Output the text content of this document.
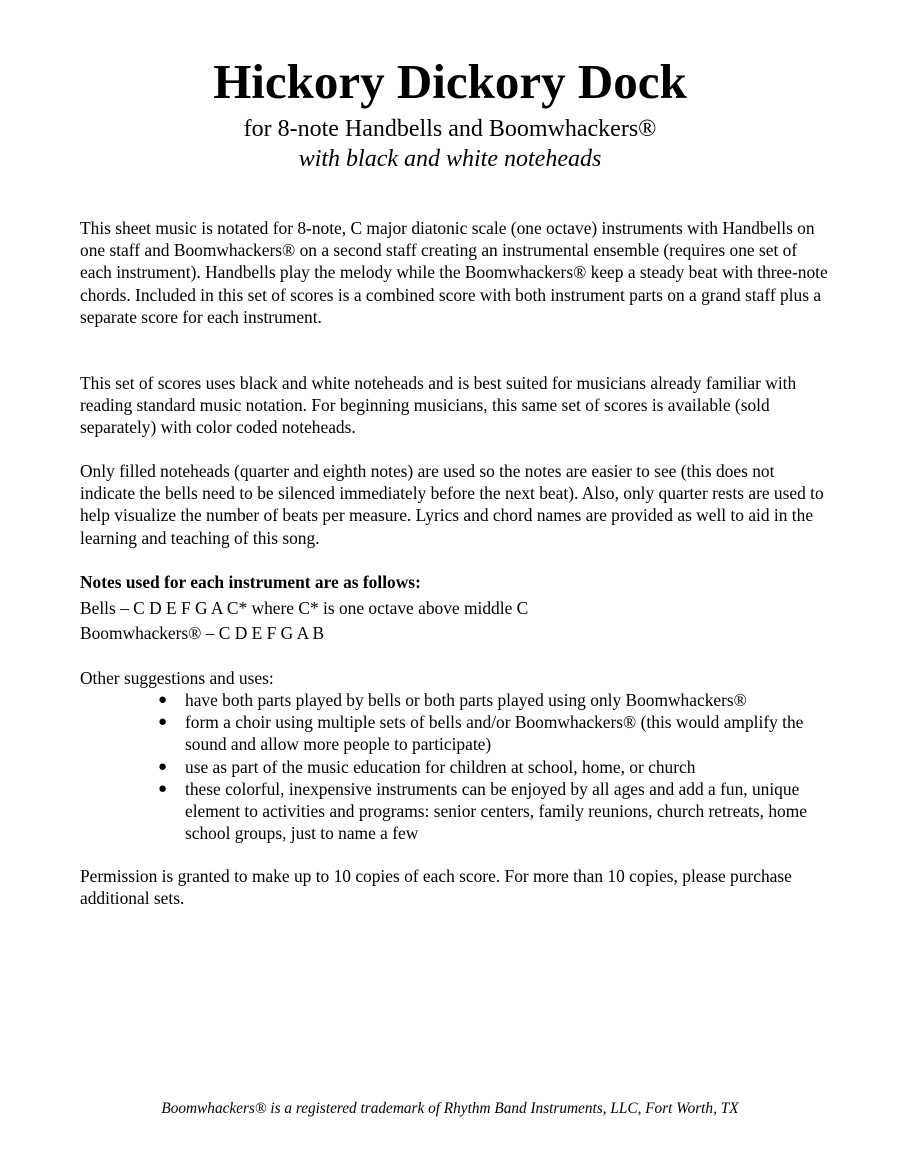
Hickory Dickory Dock
for 8-note Handbells and Boomwhackers®
with black and white noteheads

This sheet music is notated for 8-note, C major diatonic scale (one octave) instruments with Handbells on one staff and Boomwhackers® on a second staff creating an instrumental ensemble (requires one set of each instrument). Handbells play the melody while the Boomwhackers® keep a steady beat with three-note chords. Included in this set of scores is a combined score with both instrument parts on a grand staff plus a separate score for each instrument.

This set of scores uses black and white noteheads and is best suited for musicians already familiar with reading standard music notation. For beginning musicians, this same set of scores is available (sold separately) with color coded noteheads.

Only filled noteheads (quarter and eighth notes) are used so the notes are easier to see (this does not indicate the bells need to be silenced immediately before the next beat). Also, only quarter rests are used to help visualize the number of beats per measure. Lyrics and chord names are provided as well to aid in the learning and teaching of this song.

Notes used for each instrument are as follows:
Bells – C D E F G A C* where C* is one octave above middle C
Boomwhackers® – C D E F G A B
Other suggestions and uses:
● have both parts played by bells or both parts played using only Boomwhackers®
● form a choir using multiple sets of bells and/or Boomwhackers® (this would amplify the sound and allow more people to participate)
● use as part of the music education for children at school, home, or church
● these colorful, inexpensive instruments can be enjoyed by all ages and add a fun, unique element to activities and programs: senior centers, family reunions, church retreats, home school groups, just to name a few

Permission is granted to make up to 10 copies of each score. For more than 10 copies, please purchase additional sets.

Boomwhackers® is a registered trademark of Rhythm Band Instruments, LLC, Fort Worth, TX
